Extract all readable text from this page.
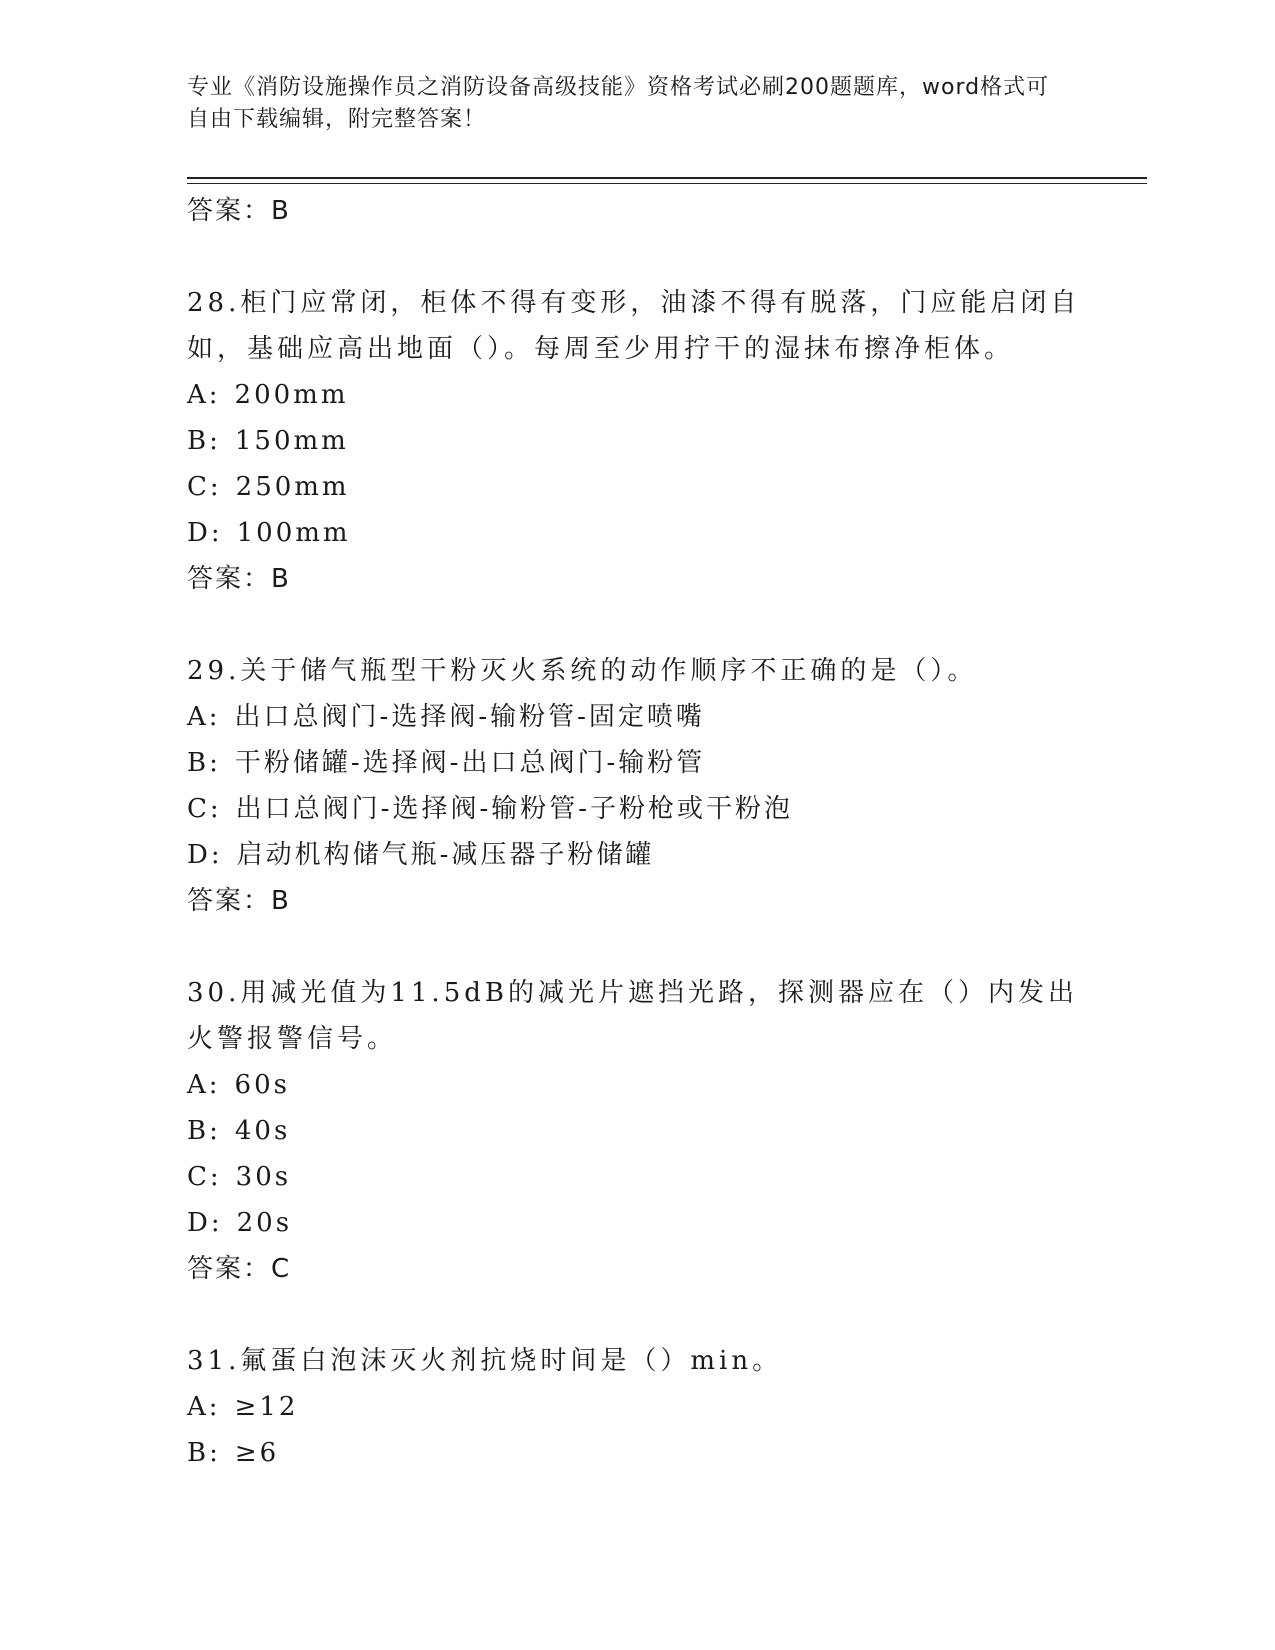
专业《消防设施操作员之消防设备高级技能》资格考试必刷200题题库，word格式可自由下载编辑，附完整答案！
答案：B
28.柜门应常闭，柜体不得有变形，油漆不得有脱落，门应能启闭自如，基础应高出地面（）。每周至少用拧干的湿抹布擦净柜体。
A: 200mm
B: 150mm
C: 250mm
D: 100mm
答案：B
29.关于储气瓶型干粉灭火系统的动作顺序不正确的是（）。
A: 出口总阀门-选择阀-输粉管-固定喷嘴
B: 干粉储罐-选择阀-出口总阀门-输粉管
C: 出口总阀门-选择阀-输粉管-子粉枪或干粉泡
D: 启动机构储气瓶-减压器子粉储罐
答案：B
30.用减光值为11.5dB的减光片遮挡光路，探测器应在（）内发出火警报警信号。
A: 60s
B: 40s
C: 30s
D: 20s
答案：C
31.氟蛋白泡沫灭火剂抗烧时间是（）min。
A: ≥12
B: ≥6
